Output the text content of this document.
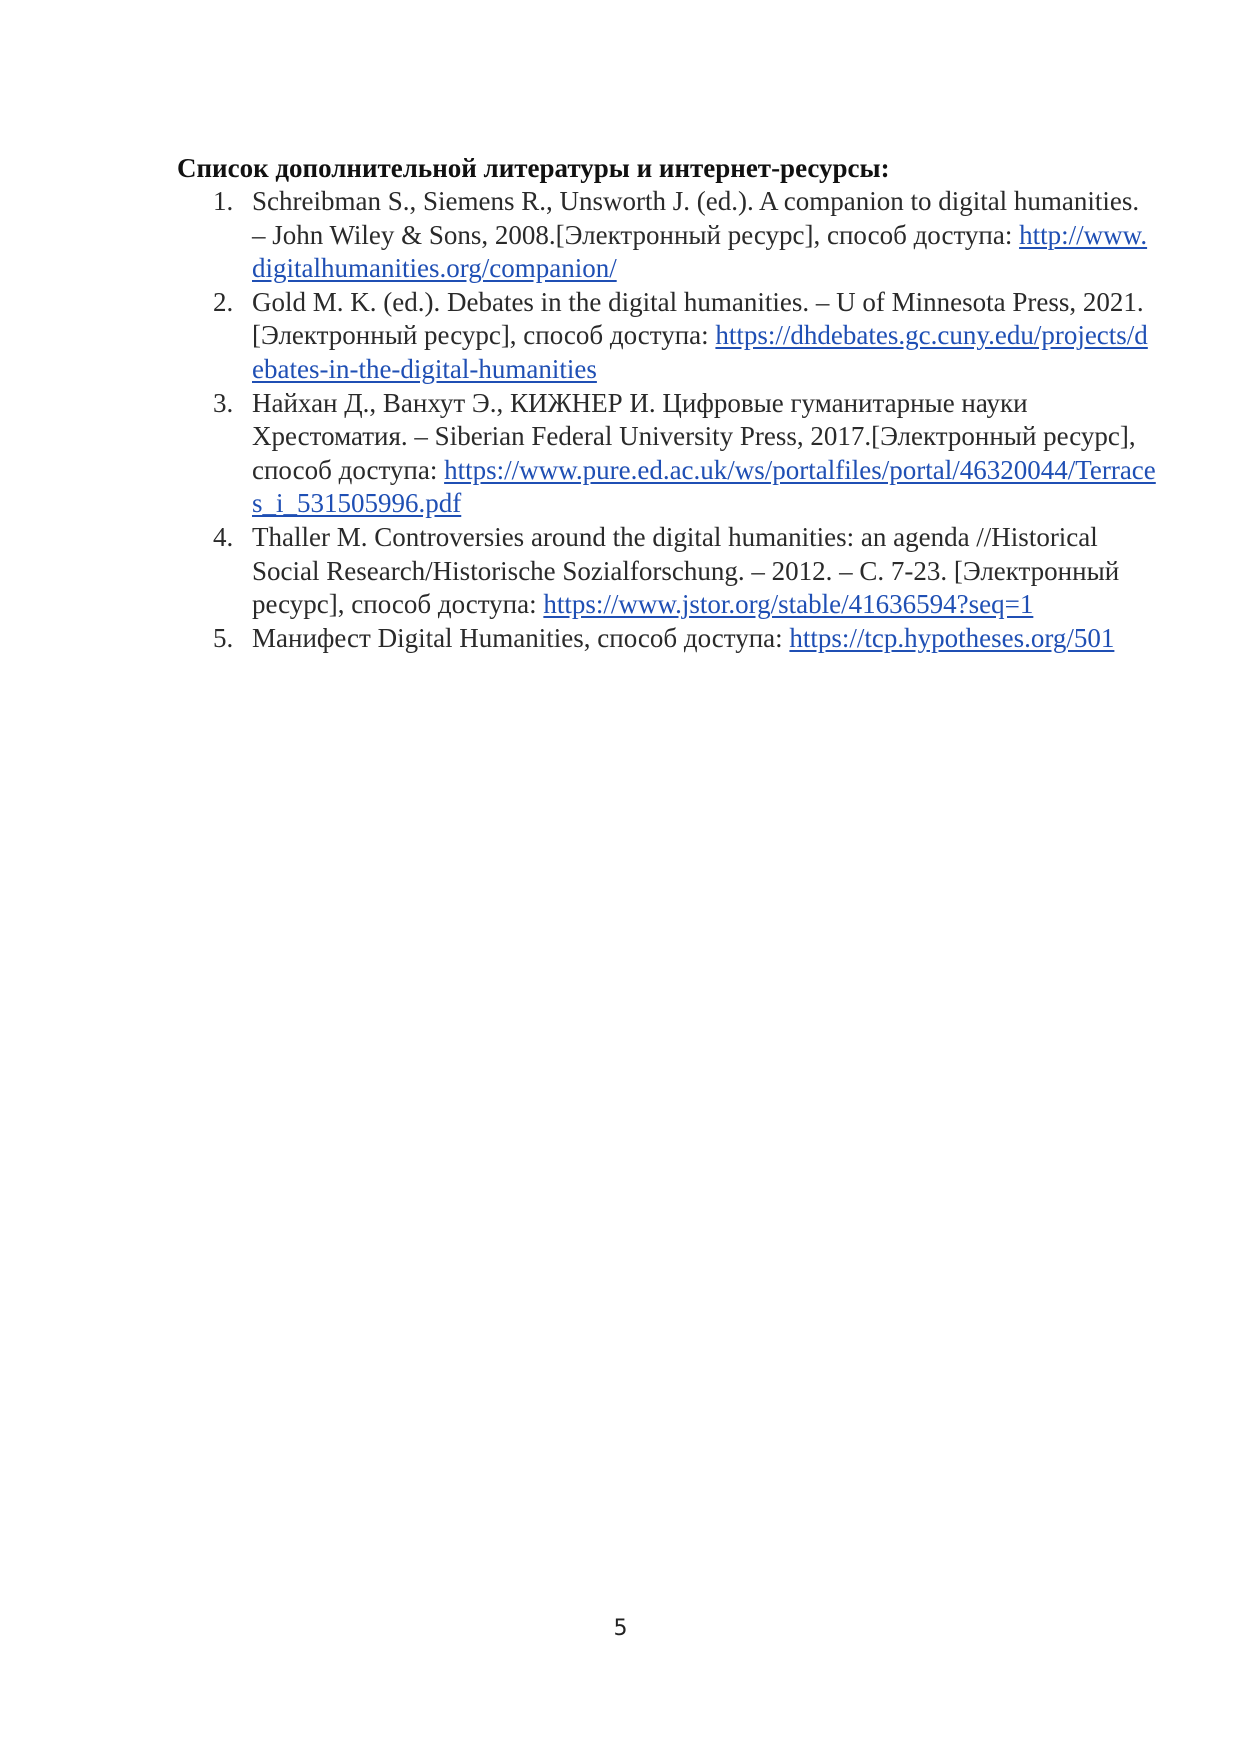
Список дополнительной литературы и интернет-ресурсы:
1. Schreibman S., Siemens R., Unsworth J. (ed.). A companion to digital humanities. – John Wiley & Sons, 2008.[Электронный ресурс], способ доступа: http://www.digitalhumanities.org/companion/
2. Gold M. K. (ed.). Debates in the digital humanities. – U of Minnesota Press, 2021.[Электронный ресурс], способ доступа: https://dhdebates.gc.cuny.edu/projects/debates-in-the-digital-humanities
3. Найхан Д., Ванхут Э., КИЖНЕР И. Цифровые гуманитарные науки Хрестоматия. – Siberian Federal University Press, 2017.[Электронный ресурс], способ доступа: https://www.pure.ed.ac.uk/ws/portalfiles/portal/46320044/Terraces_i_531505996.pdf
4. Thaller M. Controversies around the digital humanities: an agenda //Historical Social Research/Historische Sozialforschung. – 2012. – С. 7-23. [Электронный ресурс], способ доступа: https://www.jstor.org/stable/41636594?seq=1
5. Манифест Digital Humanities, способ доступа: https://tcp.hypotheses.org/501
5
